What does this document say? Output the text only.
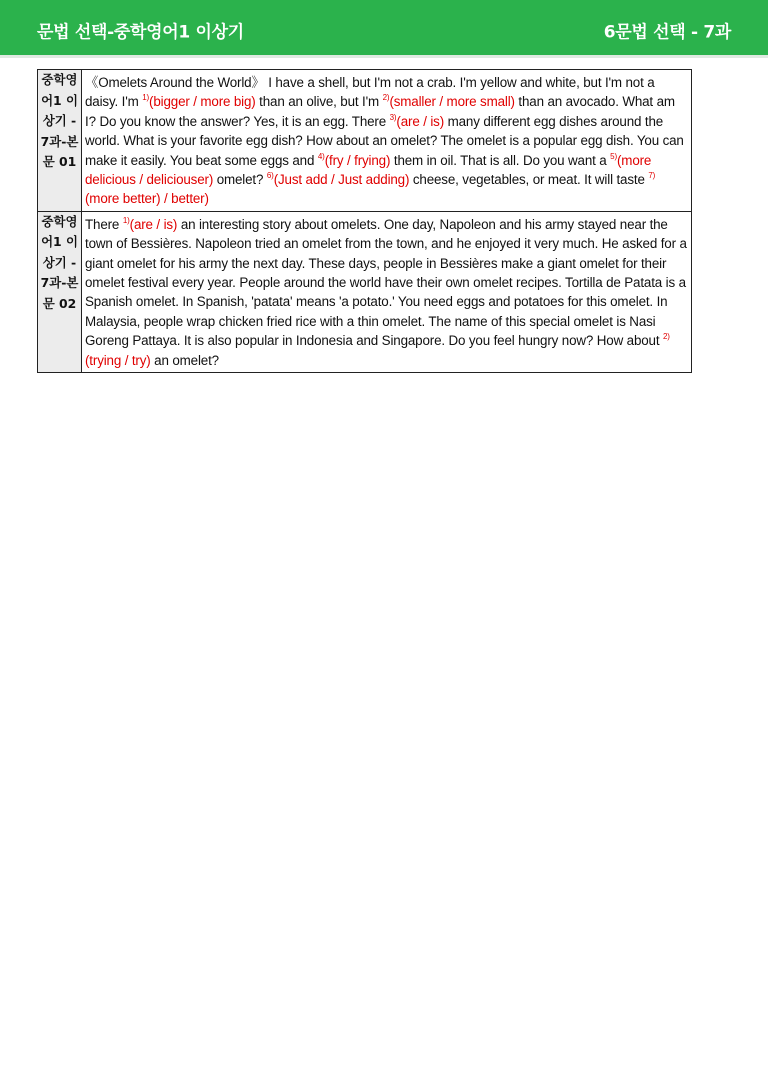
문법 선택-중학영어1 이상기	6문법 선택 - 7과
중학영어1 이상기 - 7과-본문 01	《Omelets Around the World》 I have a shell, but I'm not a crab. I'm yellow and white, but I'm not a daisy. I'm $^{1)}$(bigger / more big) than an olive, but I'm $^{2)}$(smaller / more small) than an avocado. What am I? Do you know the answer? Yes, it is an egg. There $^{3)}$(are / is) many different egg dishes around the world. What is your favorite egg dish? How about an omelet? The omelet is a popular egg dish. You can make it easily. You beat some eggs and $^{4)}$(fry / frying) them in oil. That is all. Do you want a $^{5)}$(more delicious / deliciouser) omelet? $^{6)}$(Just add / Just adding) cheese, vegetables, or meat. It will taste $^{7)}$(more better) / better)
중학영어1 이상기 - 7과-본문 02	There $^{1)}$(are / is) an interesting story about omelets. One day, Napoleon and his army stayed near the town of Bessières. Napoleon tried an omelet from the town, and he enjoyed it very much. He asked for a giant omelet for his army the next day. These days, people in Bessières make a giant omelet for their omelet festival every year. People around the world have their own omelet recipes. Tortilla de Patata is a Spanish omelet. In Spanish, 'patata' means 'a potato.' You need eggs and potatoes for this omelet. In Malaysia, people wrap chicken fried rice with a thin omelet. The name of this special omelet is Nasi Goreng Pattaya. It is also popular in Indonesia and Singapore. Do you feel hungry now? How about $^{2)}$(trying / try) an omelet?
